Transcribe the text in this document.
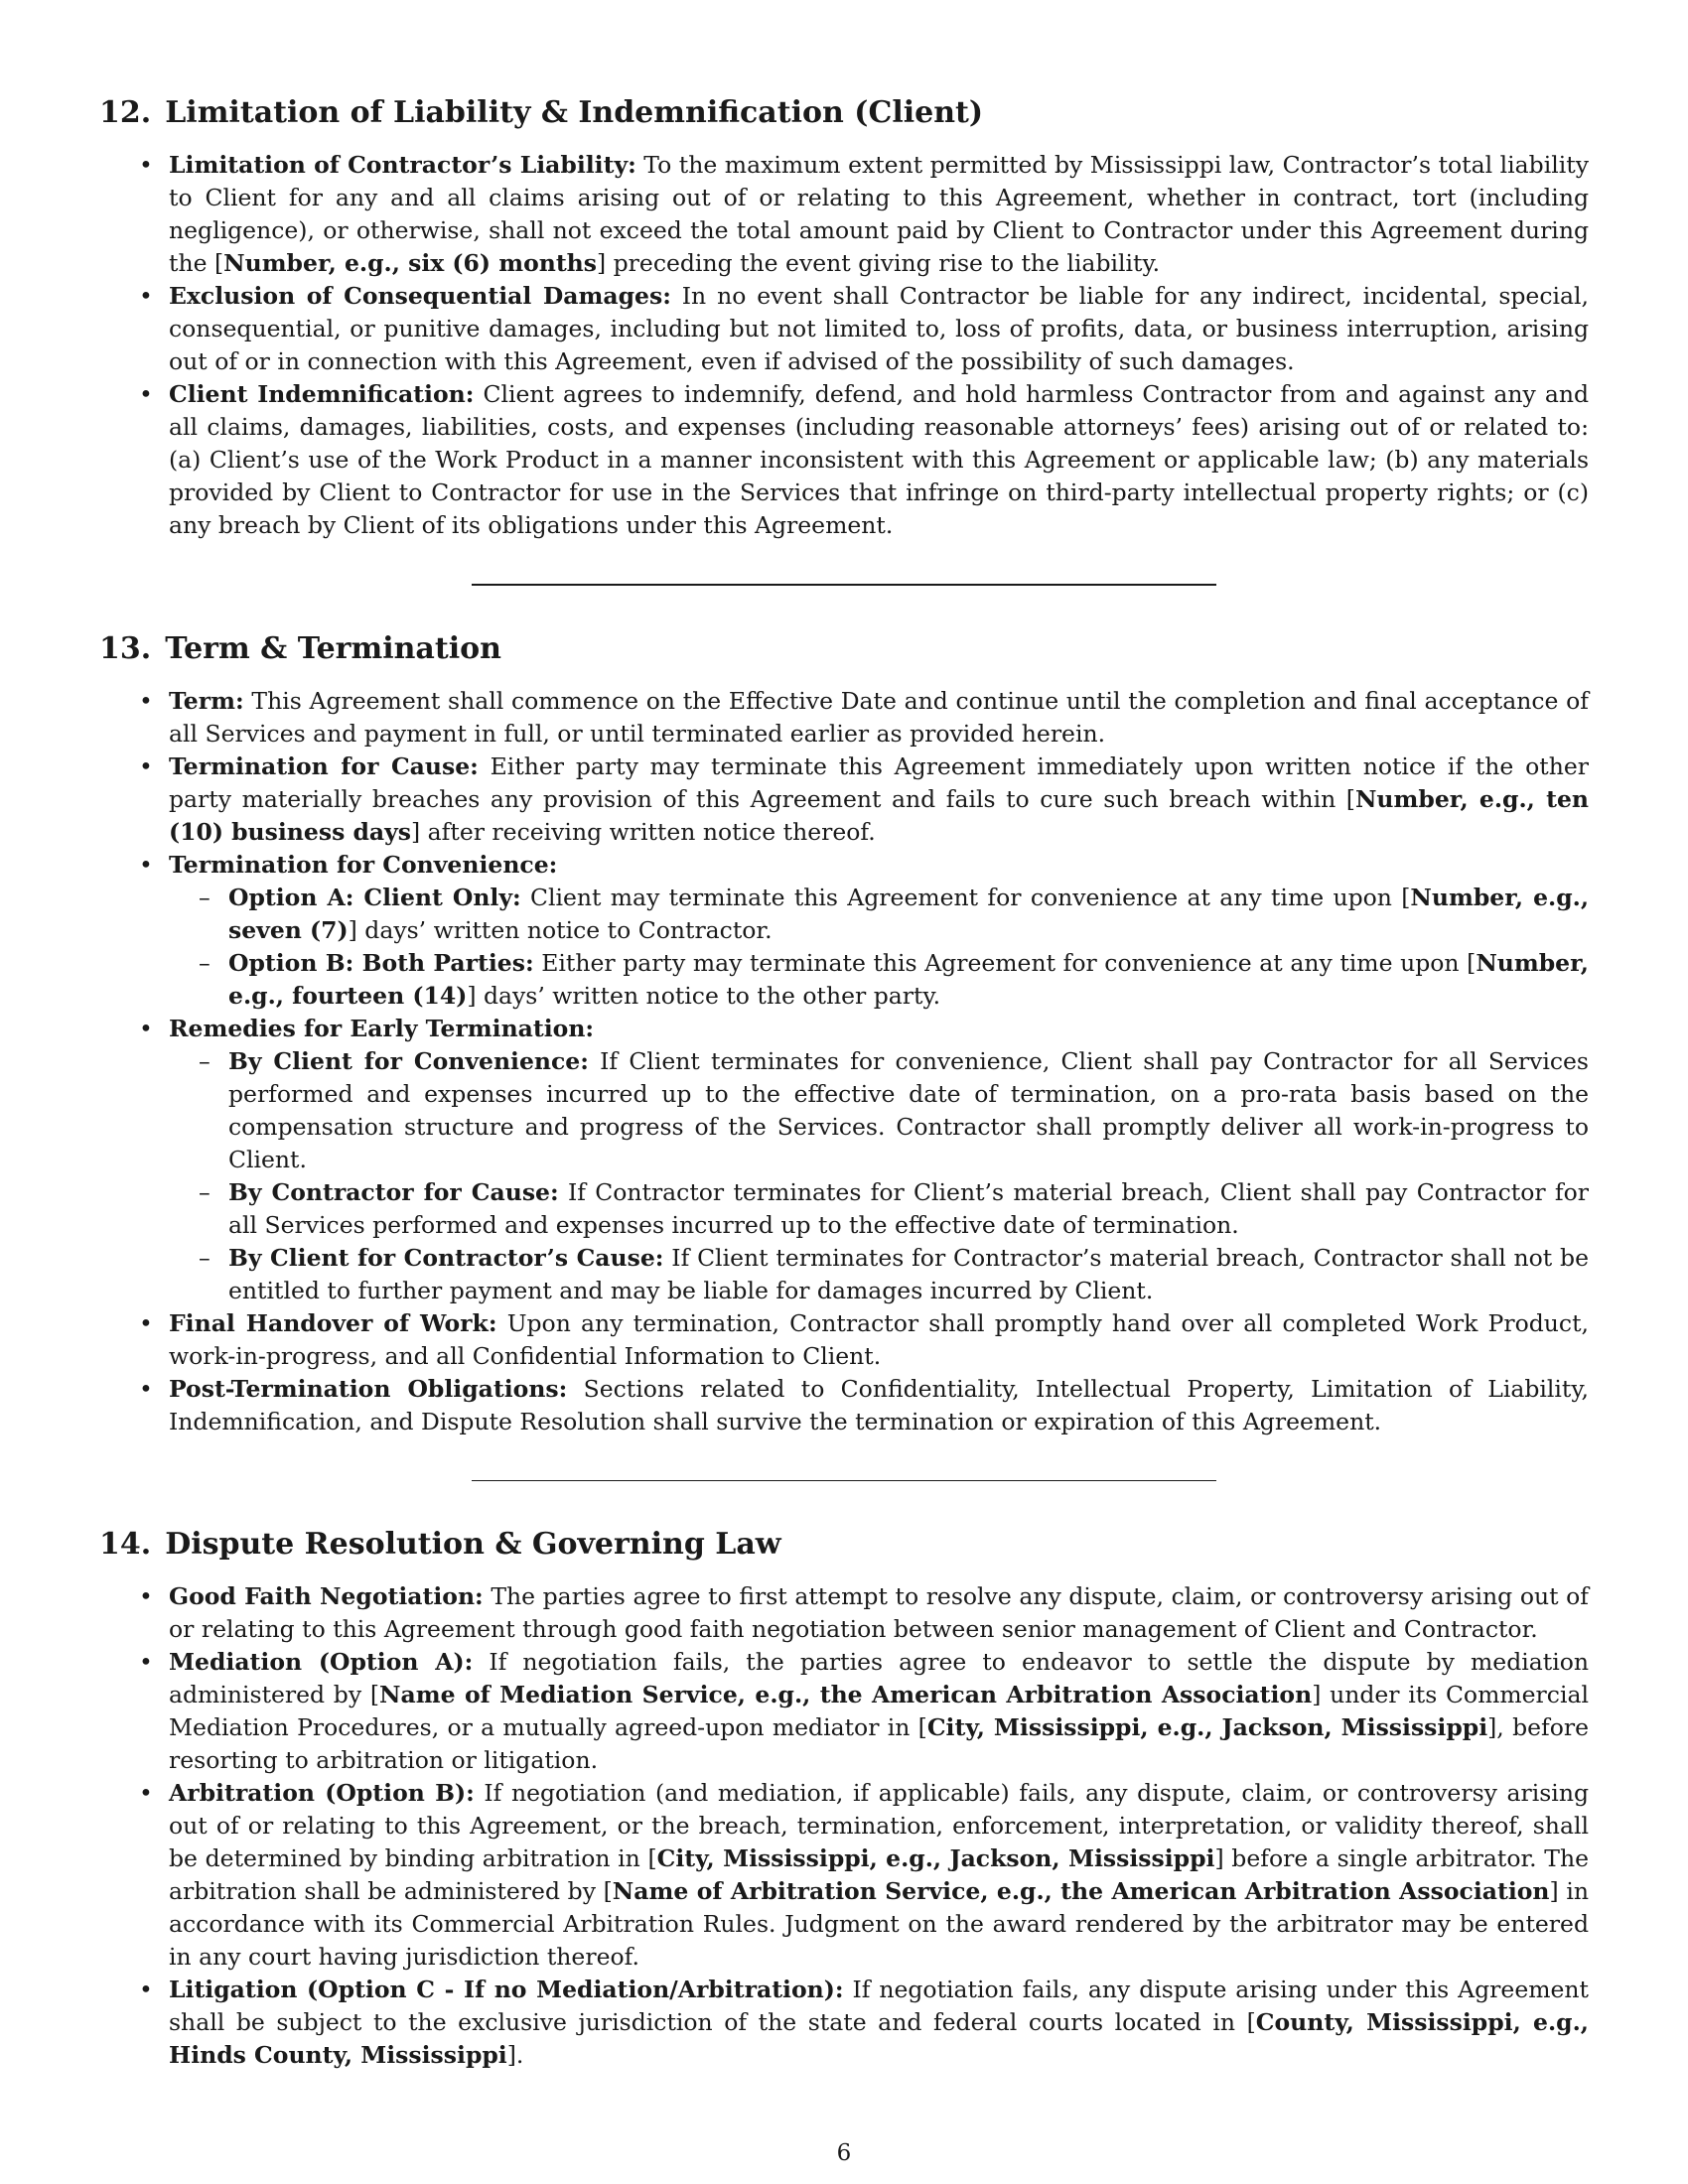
12. Limitation of Liability & Indemnification (Client)
• Limitation of Contractor’s Liability: To the maximum extent permitted by Mississippi law, Contractor’s total liability to Client for any and all claims arising out of or relating to this Agreement, whether in contract, tort (including negligence), or otherwise, shall not exceed the total amount paid by Client to Contractor under this Agreement during the [Number, e.g., six (6) months] preceding the event giving rise to the liability.
• Exclusion of Consequential Damages: In no event shall Contractor be liable for any indirect, incidental, special, consequential, or punitive damages, including but not limited to, loss of profits, data, or business interruption, arising out of or in connection with this Agreement, even if advised of the possibility of such damages.
• Client Indemnification: Client agrees to indemnify, defend, and hold harmless Contractor from and against any and all claims, damages, liabilities, costs, and expenses (including reasonable attorneys’ fees) arising out of or related to: (a) Client’s use of the Work Product in a manner inconsistent with this Agreement or applicable law; (b) any materials provided by Client to Contractor for use in the Services that infringe on third-party intellectual property rights; or (c) any breach by Client of its obligations under this Agreement.
13. Term & Termination
• Term: This Agreement shall commence on the Effective Date and continue until the completion and final acceptance of all Services and payment in full, or until terminated earlier as provided herein.
• Termination for Cause: Either party may terminate this Agreement immediately upon written notice if the other party materially breaches any provision of this Agreement and fails to cure such breach within [Number, e.g., ten (10) business days] after receiving written notice thereof.
• Termination for Convenience:
– Option A: Client Only: Client may terminate this Agreement for convenience at any time upon [Number, e.g., seven (7)] days’ written notice to Contractor.
– Option B: Both Parties: Either party may terminate this Agreement for convenience at any time upon [Number, e.g., fourteen (14)] days’ written notice to the other party.
• Remedies for Early Termination:
– By Client for Convenience: If Client terminates for convenience, Client shall pay Contractor for all Services performed and expenses incurred up to the effective date of termination, on a pro-rata basis based on the compensation structure and progress of the Services. Contractor shall promptly deliver all work-in-progress to Client.
– By Contractor for Cause: If Contractor terminates for Client’s material breach, Client shall pay Contractor for all Services performed and expenses incurred up to the effective date of termination.
– By Client for Contractor’s Cause: If Client terminates for Contractor’s material breach, Contractor shall not be entitled to further payment and may be liable for damages incurred by Client.
• Final Handover of Work: Upon any termination, Contractor shall promptly hand over all completed Work Product, work-in-progress, and all Confidential Information to Client.
• Post-Termination Obligations: Sections related to Confidentiality, Intellectual Property, Limitation of Liability, Indemnification, and Dispute Resolution shall survive the termination or expiration of this Agreement.
14. Dispute Resolution & Governing Law
• Good Faith Negotiation: The parties agree to first attempt to resolve any dispute, claim, or controversy arising out of or relating to this Agreement through good faith negotiation between senior management of Client and Contractor.
• Mediation (Option A): If negotiation fails, the parties agree to endeavor to settle the dispute by mediation administered by [Name of Mediation Service, e.g., the American Arbitration Association] under its Commercial Mediation Procedures, or a mutually agreed-upon mediator in [City, Mississippi, e.g., Jackson, Mississippi], before resorting to arbitration or litigation.
• Arbitration (Option B): If negotiation (and mediation, if applicable) fails, any dispute, claim, or controversy arising out of or relating to this Agreement, or the breach, termination, enforcement, interpretation, or validity thereof, shall be determined by binding arbitration in [City, Mississippi, e.g., Jackson, Mississippi] before a single arbitrator. The arbitration shall be administered by [Name of Arbitration Service, e.g., the American Arbitration Association] in accordance with its Commercial Arbitration Rules. Judgment on the award rendered by the arbitrator may be entered in any court having jurisdiction thereof.
• Litigation (Option C - If no Mediation/Arbitration): If negotiation fails, any dispute arising under this Agreement shall be subject to the exclusive jurisdiction of the state and federal courts located in [County, Mississippi, e.g., Hinds County, Mississippi].
6
